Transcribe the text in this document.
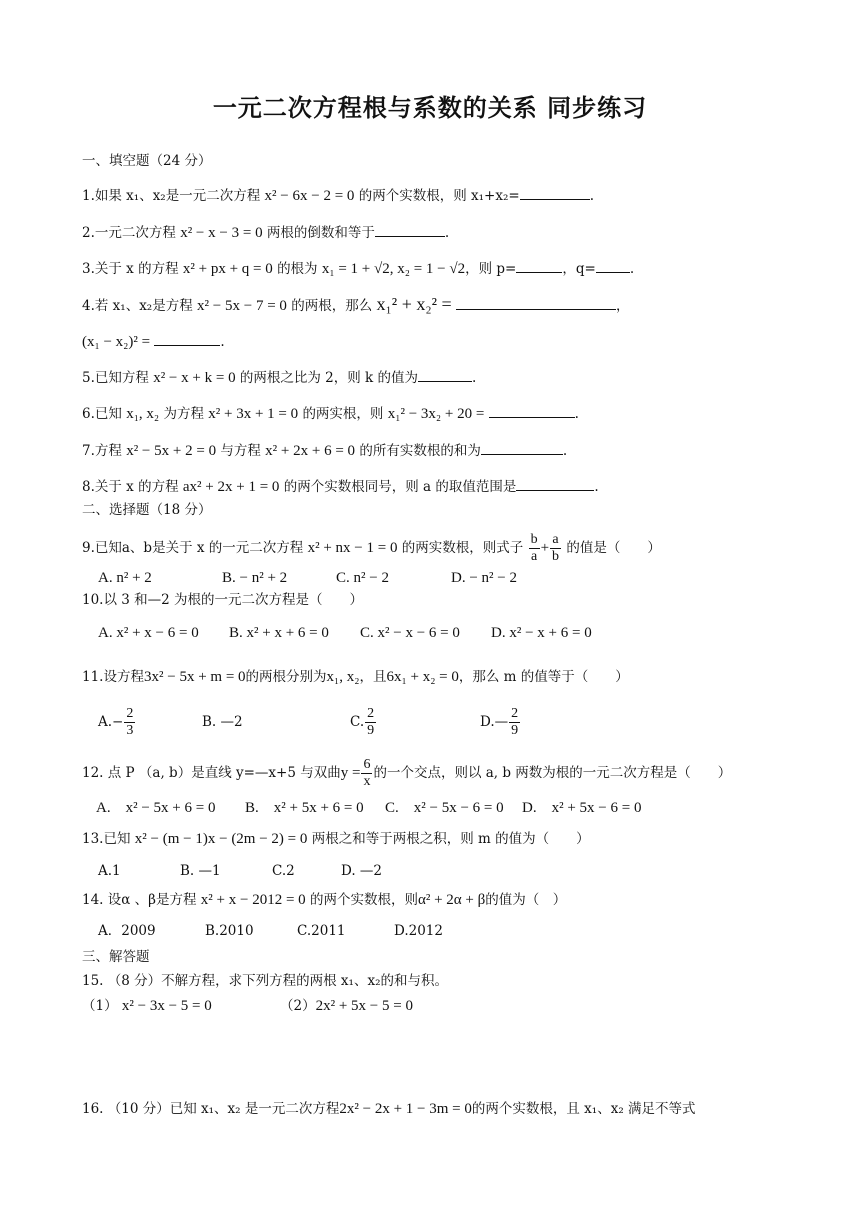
一元二次方程根与系数的关系 同步练习
一、填空题（24 分）
1.如果 x₁、x₂是一元二次方程 x² − 6x − 2 = 0 的两个实数根，则 x₁+x₂=	.
2.一元二次方程 x² − x − 3 = 0 两根的倒数和等于	.
3.关于 x 的方程 x² + px + q = 0 的根为 x₁ = 1 + √2, x₂ = 1 − √2，则 p=	，q=	.
4.若 x₁、x₂是方程 x² − 5x − 7 = 0 的两根，那么 x₁² + x₂² =	，
(x₁ − x₂)² =	.
5.已知方程 x² − x + k = 0 的两根之比为 2，则 k 的值为	.
6.已知 x₁, x₂ 为方程 x² + 3x + 1 = 0 的两实根，则 x₁² − 3x₂ + 20 =	.
7.方程 x² − 5x + 2 = 0 与方程 x² + 2x + 6 = 0 的所有实数根的和为	.
8.关于 x 的方程 ax² + 2x + 1 = 0 的两个实数根同号，则 a 的取值范围是	.
二、选择题（18 分）
9.已知a、b是关于 x 的一元二次方程 x² + nx − 1 = 0 的两实数根，则式子 $\frac{b}{a} + \frac{a}{b}$ 的值是（　　）
A. n² + 2	B. − n² + 2	C. n² − 2	D. − n² − 2
10.以 3 和—2 为根的一元二次方程是（　　）
A. x² + x − 6 = 0 B. x² + x + 6 = 0 C. x² − x − 6 = 0 D. x² − x + 6 = 0
11.设方程3x² − 5x + m = 0的两根分别为x₁, x₂，且6x₁ + x₂ = 0，那么 m 的值等于（　　）
$A.- \frac{2}{3}$	B. —2	C. $\frac{2}{9}$	D.— $\frac{2}{9}$
12. 点 P （a, b）是直线 y=—x+5 与双曲$y = \frac{6}{x}$ 的一个交点，则以 a, b 两数为根的一元二次方程是（　　）
A.　x² − 5x + 6 = 0 B.　x² + 5x + 6 = 0 C.　x² − 5x − 6 = 0 D.　x² + 5x − 6 = 0
13.已知 x² − (m − 1)x − (2m − 2) = 0 两根之和等于两根之积，则 m 的值为（　　）
A.1	B. —1	C.2	D. —2
14. 设α 、β是方程 x² + x − 2012 = 0 的两个实数根，则α² + 2α + β的值为（　）
A．2009	B.2010	C.2011	D.2012
三、解答题
15. （8 分）不解方程，求下列方程的两根 x₁、x₂的和与积。
（1） x² − 3x − 5 = 0	（2）2x² + 5x − 5 = 0
16. （10 分）已知 x₁、x₂ 是一元二次方程2x² − 2x + 1 − 3m = 0的两个实数根，且 x₁、x₂ 满足不等式
